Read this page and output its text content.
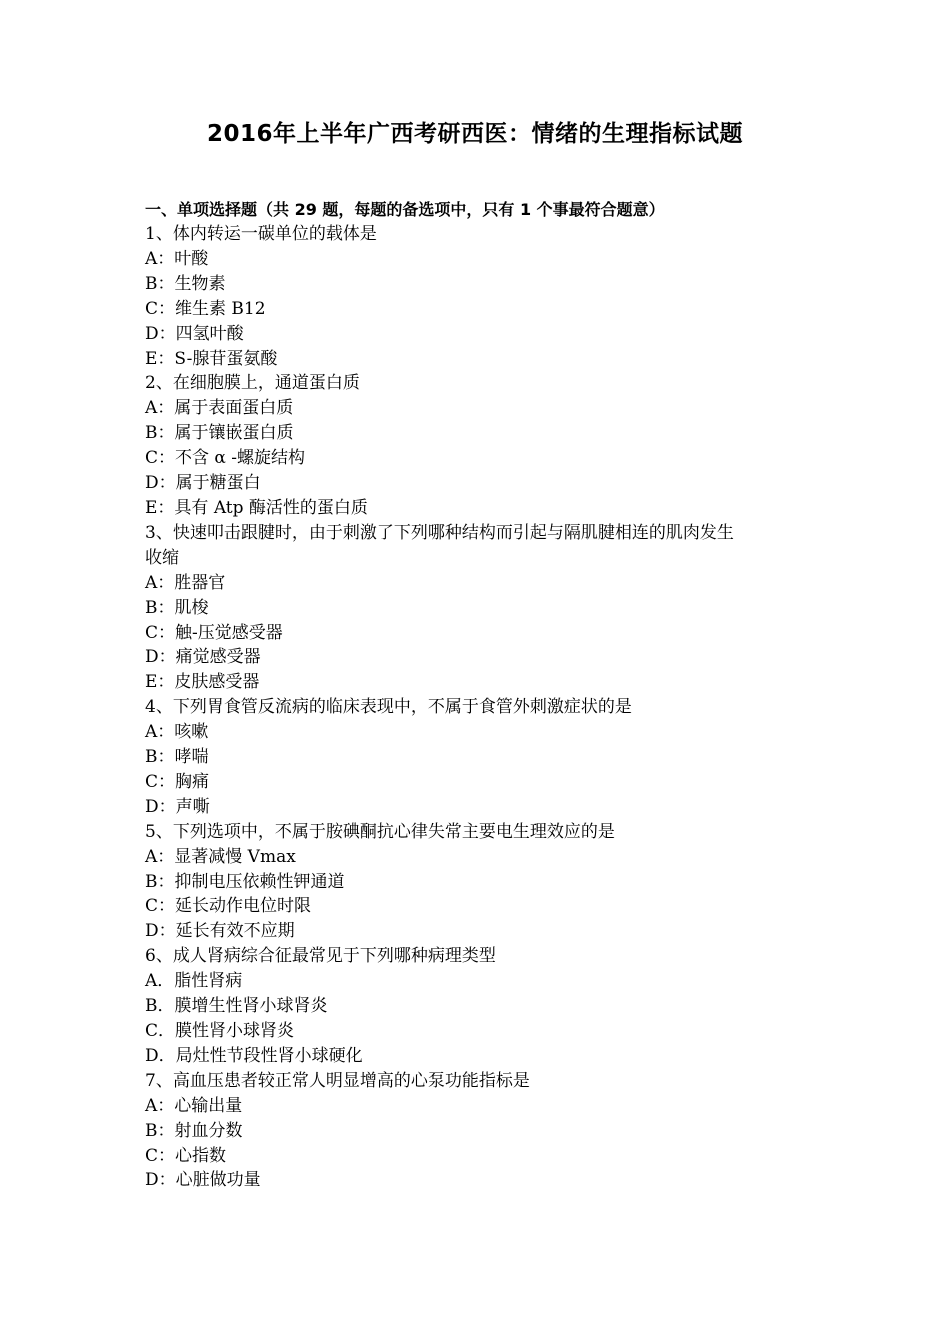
2016年上半年广西考研西医：情绪的生理指标试题
一、单项选择题（共 29 题，每题的备选项中，只有 1 个事最符合题意）
1、体内转运一碳单位的载体是
A：叶酸
B：生物素
C：维生素 B12
D：四氢叶酸
E：S-腺苷蛋氨酸
2、在细胞膜上，通道蛋白质
A：属于表面蛋白质
B：属于镶嵌蛋白质
C：不含 α -螺旋结构
D：属于糖蛋白
E：具有 Atp 酶活性的蛋白质
3、快速叩击跟腱时，由于刺激了下列哪种结构而引起与隔肌腱相连的肌肉发生
收缩
A：胜器官
B：肌梭
C：触-压觉感受器
D：痛觉感受器
E：皮肤感受器
4、下列胃食管反流病的临床表现中，不属于食管外刺激症状的是
A：咳嗽
B：哮喘
C：胸痛
D：声嘶
5、下列选项中，不属于胺碘酮抗心律失常主要电生理效应的是
A：显著减慢 Vmax
B：抑制电压依赖性钾通道
C：延长动作电位时限
D：延长有效不应期
6、成人肾病综合征最常见于下列哪种病理类型
A．脂性肾病
B．膜增生性肾小球肾炎
C．膜性肾小球肾炎
D．局灶性节段性肾小球硬化
7、高血压患者较正常人明显增高的心泵功能指标是
A：心输出量
B：射血分数
C：心指数
D：心脏做功量
